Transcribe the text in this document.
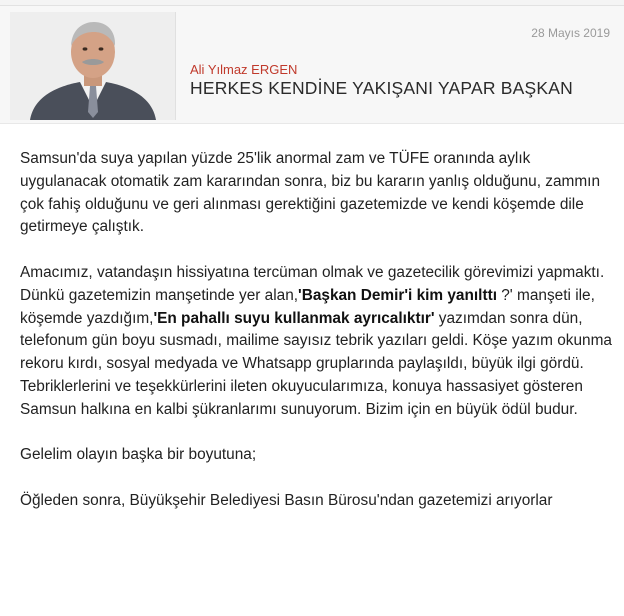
28 Mayıs 2019
Ali Yılmaz ERGEN
HERKES KENDİNE YAKIŞANI YAPAR BAŞKAN

Samsun'da suya yapılan yüzde 25'lik anormal zam ve TÜFE oranında aylık uygulanacak otomatik zam kararından sonra, biz bu kararın yanlış olduğunu, zammın çok fahiş olduğunu ve geri alınması gerektiğini gazetemizde ve kendi köşemde dile getirmeye çalıştık.

Amacımız, vatandaşın hissiyatına tercüman olmak ve gazetecilik görevimizi yapmaktı. Dünkü gazetemizin manşetinde yer alan,'Başkan Demir'i kim yanılttı ?' manşeti ile, köşemde yazdığım,'En pahallı suyu kullanmak ayrıcalıktır' yazımdan sonra dün, telefonum gün boyu susmadı, mailime sayısız tebrik yazıları geldi. Köşe yazım okunma rekoru kırdı, sosyal medyada ve Whatsapp gruplarında paylaşıldı, büyük ilgi gördü. Tebriklerlerini ve teşekkürlerini ileten okuyucularımıza, konuya hassasiyet gösteren Samsun halkına en kalbi şükranlarımı sunuyorum. Bizim için en büyük ödül budur.

Gelelim olayın başka bir boyutuna;

Öğleden sonra, Büyükşehir Belediyesi Basın Bürosu'ndan gazetemizi arıyorlar
